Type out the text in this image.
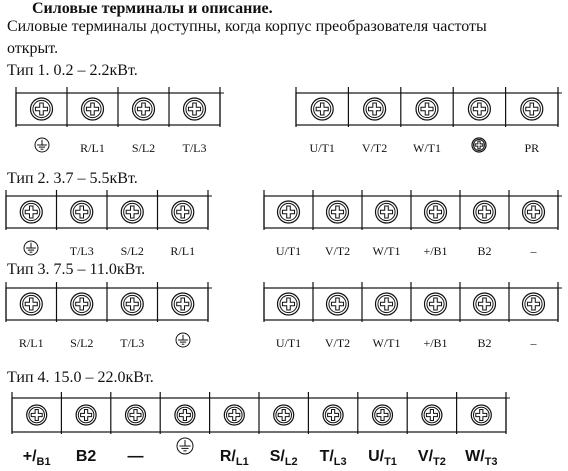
Силовые терминалы и описание.
Силовые терминалы доступны, когда корпус преобразователя частоты
открыт.
Тип 1. 0.2 – 2.2кВт.
Тип 2. 3.7 – 5.5кВт.
Тип 3. 7.5 – 11.0кВт.
Тип 4. 15.0 – 22.0кВт.
R/L1	S/L2	T/L3	U/T1	V/T2	W/T1	PR
T/L3	S/L2	R/L1	U/T1	V/T2	W/T1	+/B1	B2	–
R/L1	S/L2	T/L3	U/T1	V/T2	W/T1	+/B1	B2	–
$+/_{B1}$	B2	—	$R/_{L1}$	$S/_{L2}$	$T/_{L3}$	$U/_{T1}$	$V/_{T2}$	$W/_{T3}$
